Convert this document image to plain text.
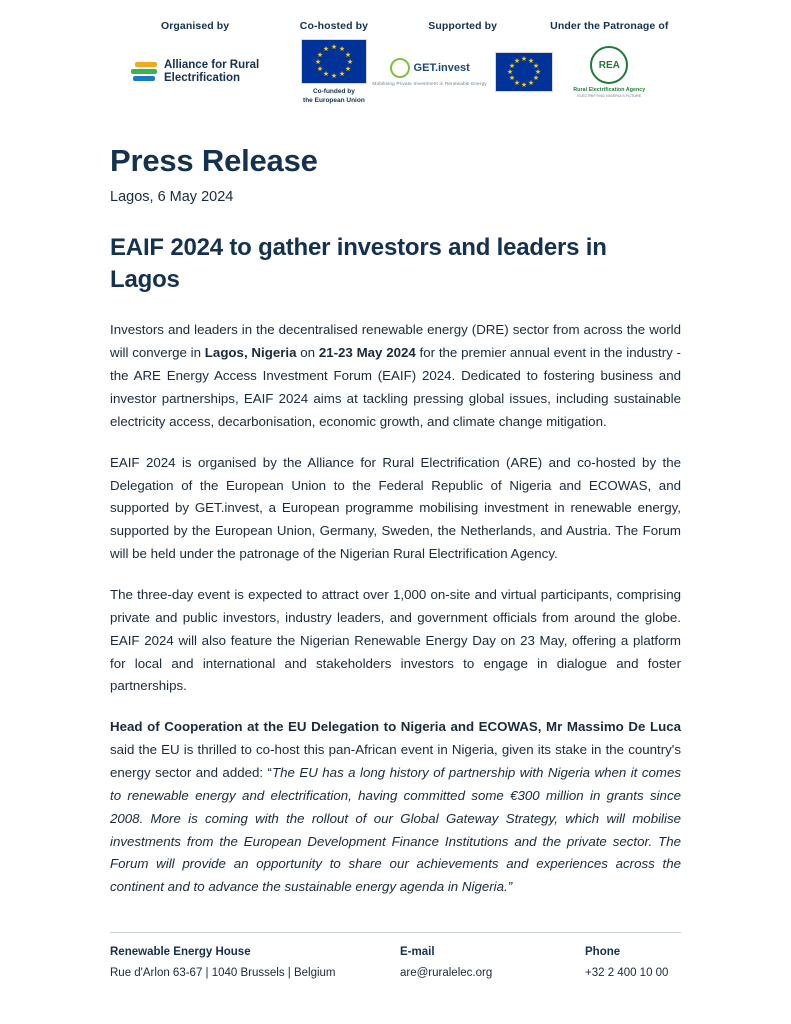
Organised by
Alliance for Rural
Electrification
Co-hosted by
★ ★
★
★
★
★
★
★
★
★
★
★
Co-funded by
the European Union
Supported by
GET.invest
Mobilising Private Investment in Renewable Energy
★ ★
★
★
★
★
★
★
★
★
★
★
Under the Patronage of
REA
Rural Electrification Agency
ELECTRIFYING NIGERIA'S FUTURE
Press Release
Lagos, 6 May 2024
EAIF 2024 to gather investors and leaders in Lagos

Investors and leaders in the decentralised renewable energy (DRE) sector from across the world will converge in Lagos, Nigeria on 21-23 May 2024 for the premier annual event in the industry - the ARE Energy Access Investment Forum (EAIF) 2024. Dedicated to fostering business and investor partnerships, EAIF 2024 aims at tackling pressing global issues, including sustainable electricity access, decarbonisation, economic growth, and climate change mitigation.

EAIF 2024 is organised by the Alliance for Rural Electrification (ARE) and co-hosted by the Delegation of the European Union to the Federal Republic of Nigeria and ECOWAS, and supported by GET.invest, a European programme mobilising investment in renewable energy, supported by the European Union, Germany, Sweden, the Netherlands, and Austria. The Forum will be held under the patronage of the Nigerian Rural Electrification Agency.

The three-day event is expected to attract over 1,000 on-site and virtual participants, comprising private and public investors, industry leaders, and government officials from around the globe. EAIF 2024 will also feature the Nigerian Renewable Energy Day on 23 May, offering a platform for local and international and stakeholders investors to engage in dialogue and foster partnerships.

Head of Cooperation at the EU Delegation to Nigeria and ECOWAS, Mr Massimo De Luca said the EU is thrilled to co-host this pan-African event in Nigeria, given its stake in the country's energy sector and added: “The EU has a long history of partnership with Nigeria when it comes to renewable energy and electrification, having committed some €300 million in grants since 2008. More is coming with the rollout of our Global Gateway Strategy, which will mobilise investments from the European Development Finance Institutions and the private sector. The Forum will provide an opportunity to share our achievements and experiences across the continent and to advance the sustainable energy agenda in Nigeria.”

Renewable Energy House
Rue d'Arlon 63-67 | 1040 Brussels | Belgium
E-mail
are@ruralelec.org
Phone
+32 2 400 10 00
